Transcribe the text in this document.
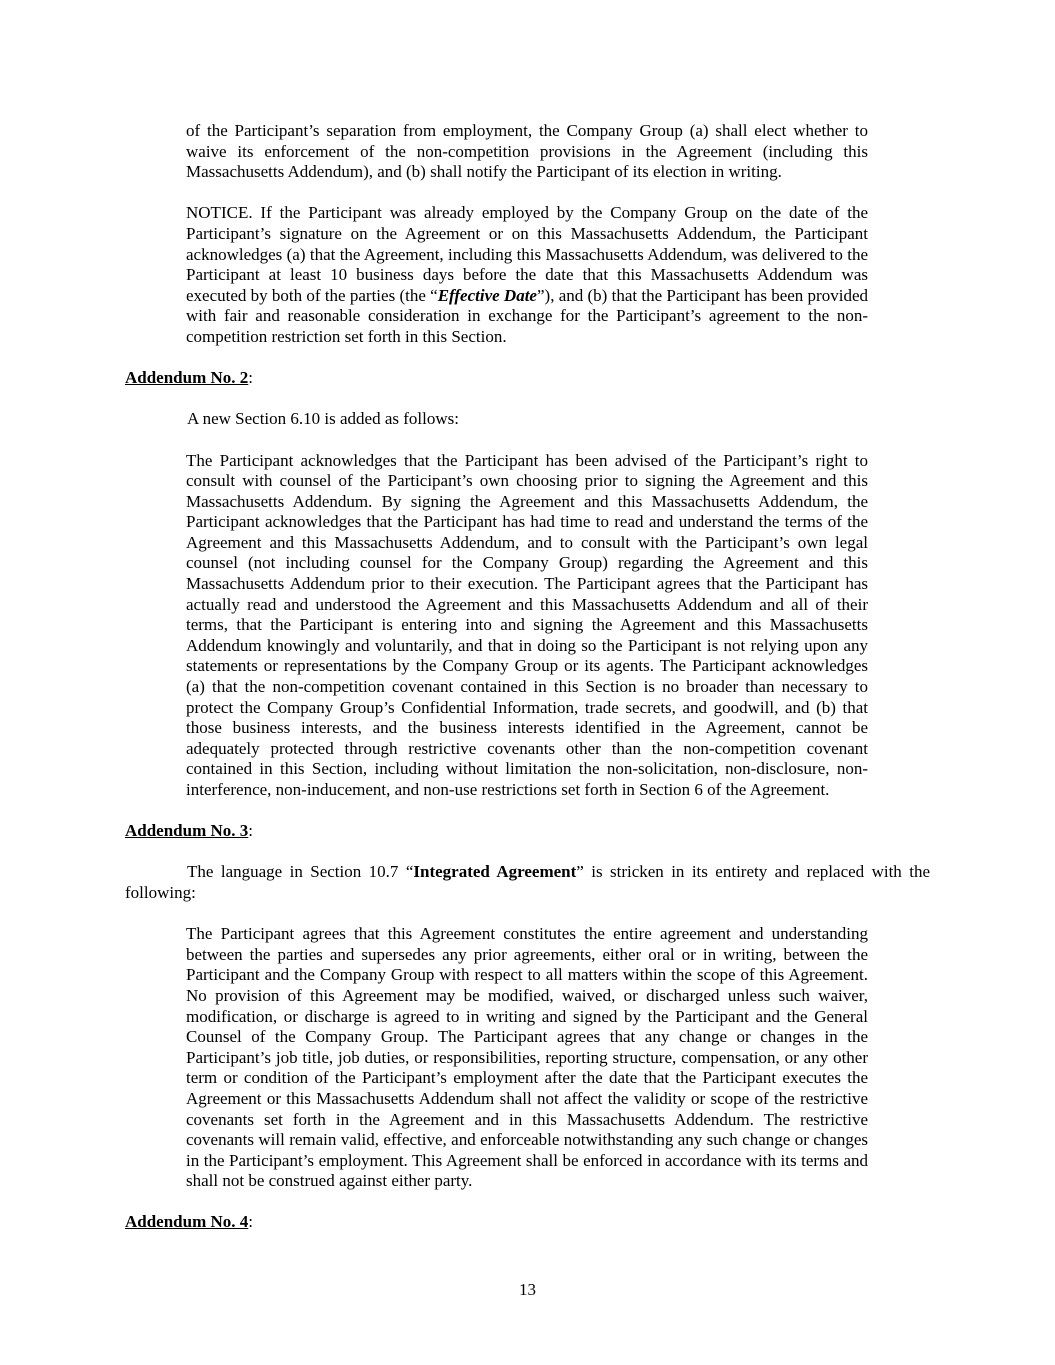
of the Participant’s separation from employment, the Company Group (a) shall elect whether to waive its enforcement of the non-competition provisions in the Agreement (including this Massachusetts Addendum), and (b) shall notify the Participant of its election in writing.

NOTICE. If the Participant was already employed by the Company Group on the date of the Participant’s signature on the Agreement or on this Massachusetts Addendum, the Participant acknowledges (a) that the Agreement, including this Massachusetts Addendum, was delivered to the Participant at least 10 business days before the date that this Massachusetts Addendum was executed by both of the parties (the “Effective Date”), and (b) that the Participant has been provided with fair and reasonable consideration in exchange for the Participant’s agreement to the non-competition restriction set forth in this Section.

Addendum No. 2:

A new Section 6.10 is added as follows:

The Participant acknowledges that the Participant has been advised of the Participant’s right to consult with counsel of the Participant’s own choosing prior to signing the Agreement and this Massachusetts Addendum. By signing the Agreement and this Massachusetts Addendum, the Participant acknowledges that the Participant has had time to read and understand the terms of the Agreement and this Massachusetts Addendum, and to consult with the Participant’s own legal counsel (not including counsel for the Company Group) regarding the Agreement and this Massachusetts Addendum prior to their execution. The Participant agrees that the Participant has actually read and understood the Agreement and this Massachusetts Addendum and all of their terms, that the Participant is entering into and signing the Agreement and this Massachusetts Addendum knowingly and voluntarily, and that in doing so the Participant is not relying upon any statements or representations by the Company Group or its agents. The Participant acknowledges (a) that the non-competition covenant contained in this Section is no broader than necessary to protect the Company Group’s Confidential Information, trade secrets, and goodwill, and (b) that those business interests, and the business interests identified in the Agreement, cannot be adequately protected through restrictive covenants other than the non-competition covenant contained in this Section, including without limitation the non-solicitation, non-disclosure, non-interference, non-inducement, and non-use restrictions set forth in Section 6 of the Agreement.

Addendum No. 3:

The language in Section 10.7 “Integrated Agreement” is stricken in its entirety and replaced with the following:

The Participant agrees that this Agreement constitutes the entire agreement and understanding between the parties and supersedes any prior agreements, either oral or in writing, between the Participant and the Company Group with respect to all matters within the scope of this Agreement. No provision of this Agreement may be modified, waived, or discharged unless such waiver, modification, or discharge is agreed to in writing and signed by the Participant and the General Counsel of the Company Group. The Participant agrees that any change or changes in the Participant’s job title, job duties, or responsibilities, reporting structure, compensation, or any other term or condition of the Participant’s employment after the date that the Participant executes the Agreement or this Massachusetts Addendum shall not affect the validity or scope of the restrictive covenants set forth in the Agreement and in this Massachusetts Addendum. The restrictive covenants will remain valid, effective, and enforceable notwithstanding any such change or changes in the Participant’s employment. This Agreement shall be enforced in accordance with its terms and shall not be construed against either party.

Addendum No. 4:

13
